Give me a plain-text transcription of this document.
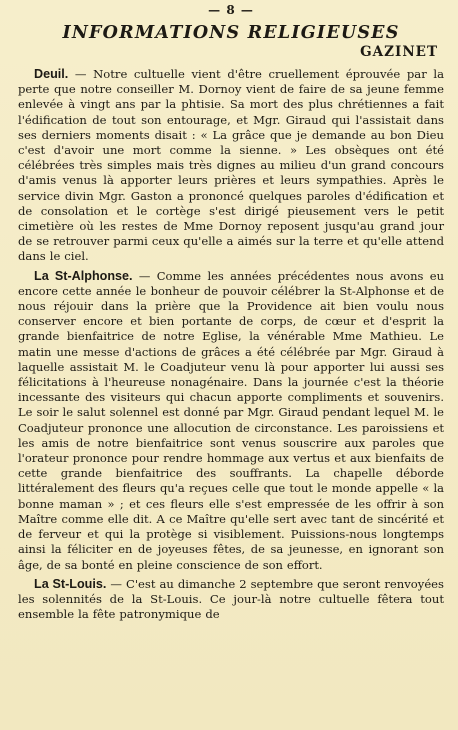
— 8 —
INFORMATIONS RELIGIEUSES
GAZINET

Deuil. — Notre cultuelle vient d'être cruellement éprouvée par la perte que notre conseiller M. Dornoy vient de faire de sa jeune femme enlevée à vingt ans par la phtisie. Sa mort des plus chrétiennes a fait l'édification de tout son entourage, et Mgr. Giraud qui l'assistait dans ses derniers moments disait : « La grâce que je demande au bon Dieu c'est d'avoir une mort comme la sienne. » Les obsèques ont été célébrées très simples mais très dignes au milieu d'un grand concours d'amis venus là apporter leurs prières et leurs sympathies. Après le service divin Mgr. Gaston a prononcé quelques paroles d'édification et de consolation et le cortège s'est dirigé pieusement vers le petit cimetière où les restes de Mme Dornoy reposent jusqu'au grand jour de se retrouver parmi ceux qu'elle a aimés sur la terre et qu'elle attend dans le ciel.

La St-Alphonse. — Comme les années précédentes nous avons eu encore cette année le bonheur de pouvoir célébrer la St-Alphonse et de nous réjouir dans la prière que la Providence ait bien voulu nous conserver encore et bien portante de corps, de cœur et d'esprit la grande bienfaitrice de notre Eglise, la vénérable Mme Mathieu. Le matin une messe d'actions de grâces a été célébrée par Mgr. Giraud à laquelle assistait M. le Coadjuteur venu là pour apporter lui aussi ses félicitations à l'heureuse nonagénaire. Dans la journée c'est la théorie incessante des visiteurs qui chacun apporte compliments et souvenirs. Le soir le salut solennel est donné par Mgr. Giraud pendant lequel M. le Coadjuteur prononce une allocution de circonstance. Les paroissiens et les amis de notre bienfaitrice sont venus souscrire aux paroles que l'orateur prononce pour rendre hommage aux vertus et aux bienfaits de cette grande bienfaitrice des souffrants. La chapelle déborde littéralement des fleurs qu'a reçues celle que tout le monde appelle « la bonne maman » ; et ces fleurs elle s'est empressée de les offrir à son Maître comme elle dit. A ce Maître qu'elle sert avec tant de sincérité et de ferveur et qui la protège si visiblement. Puissions-nous longtemps ainsi la féliciter en de joyeuses fêtes, de sa jeunesse, en ignorant son âge, de sa bonté en pleine conscience de son effort.

La St-Louis. — C'est au dimanche 2 septembre que seront renvoyées les solennités de la St-Louis. Ce jour-là notre cultuelle fêtera tout ensemble la fête patronymique de
